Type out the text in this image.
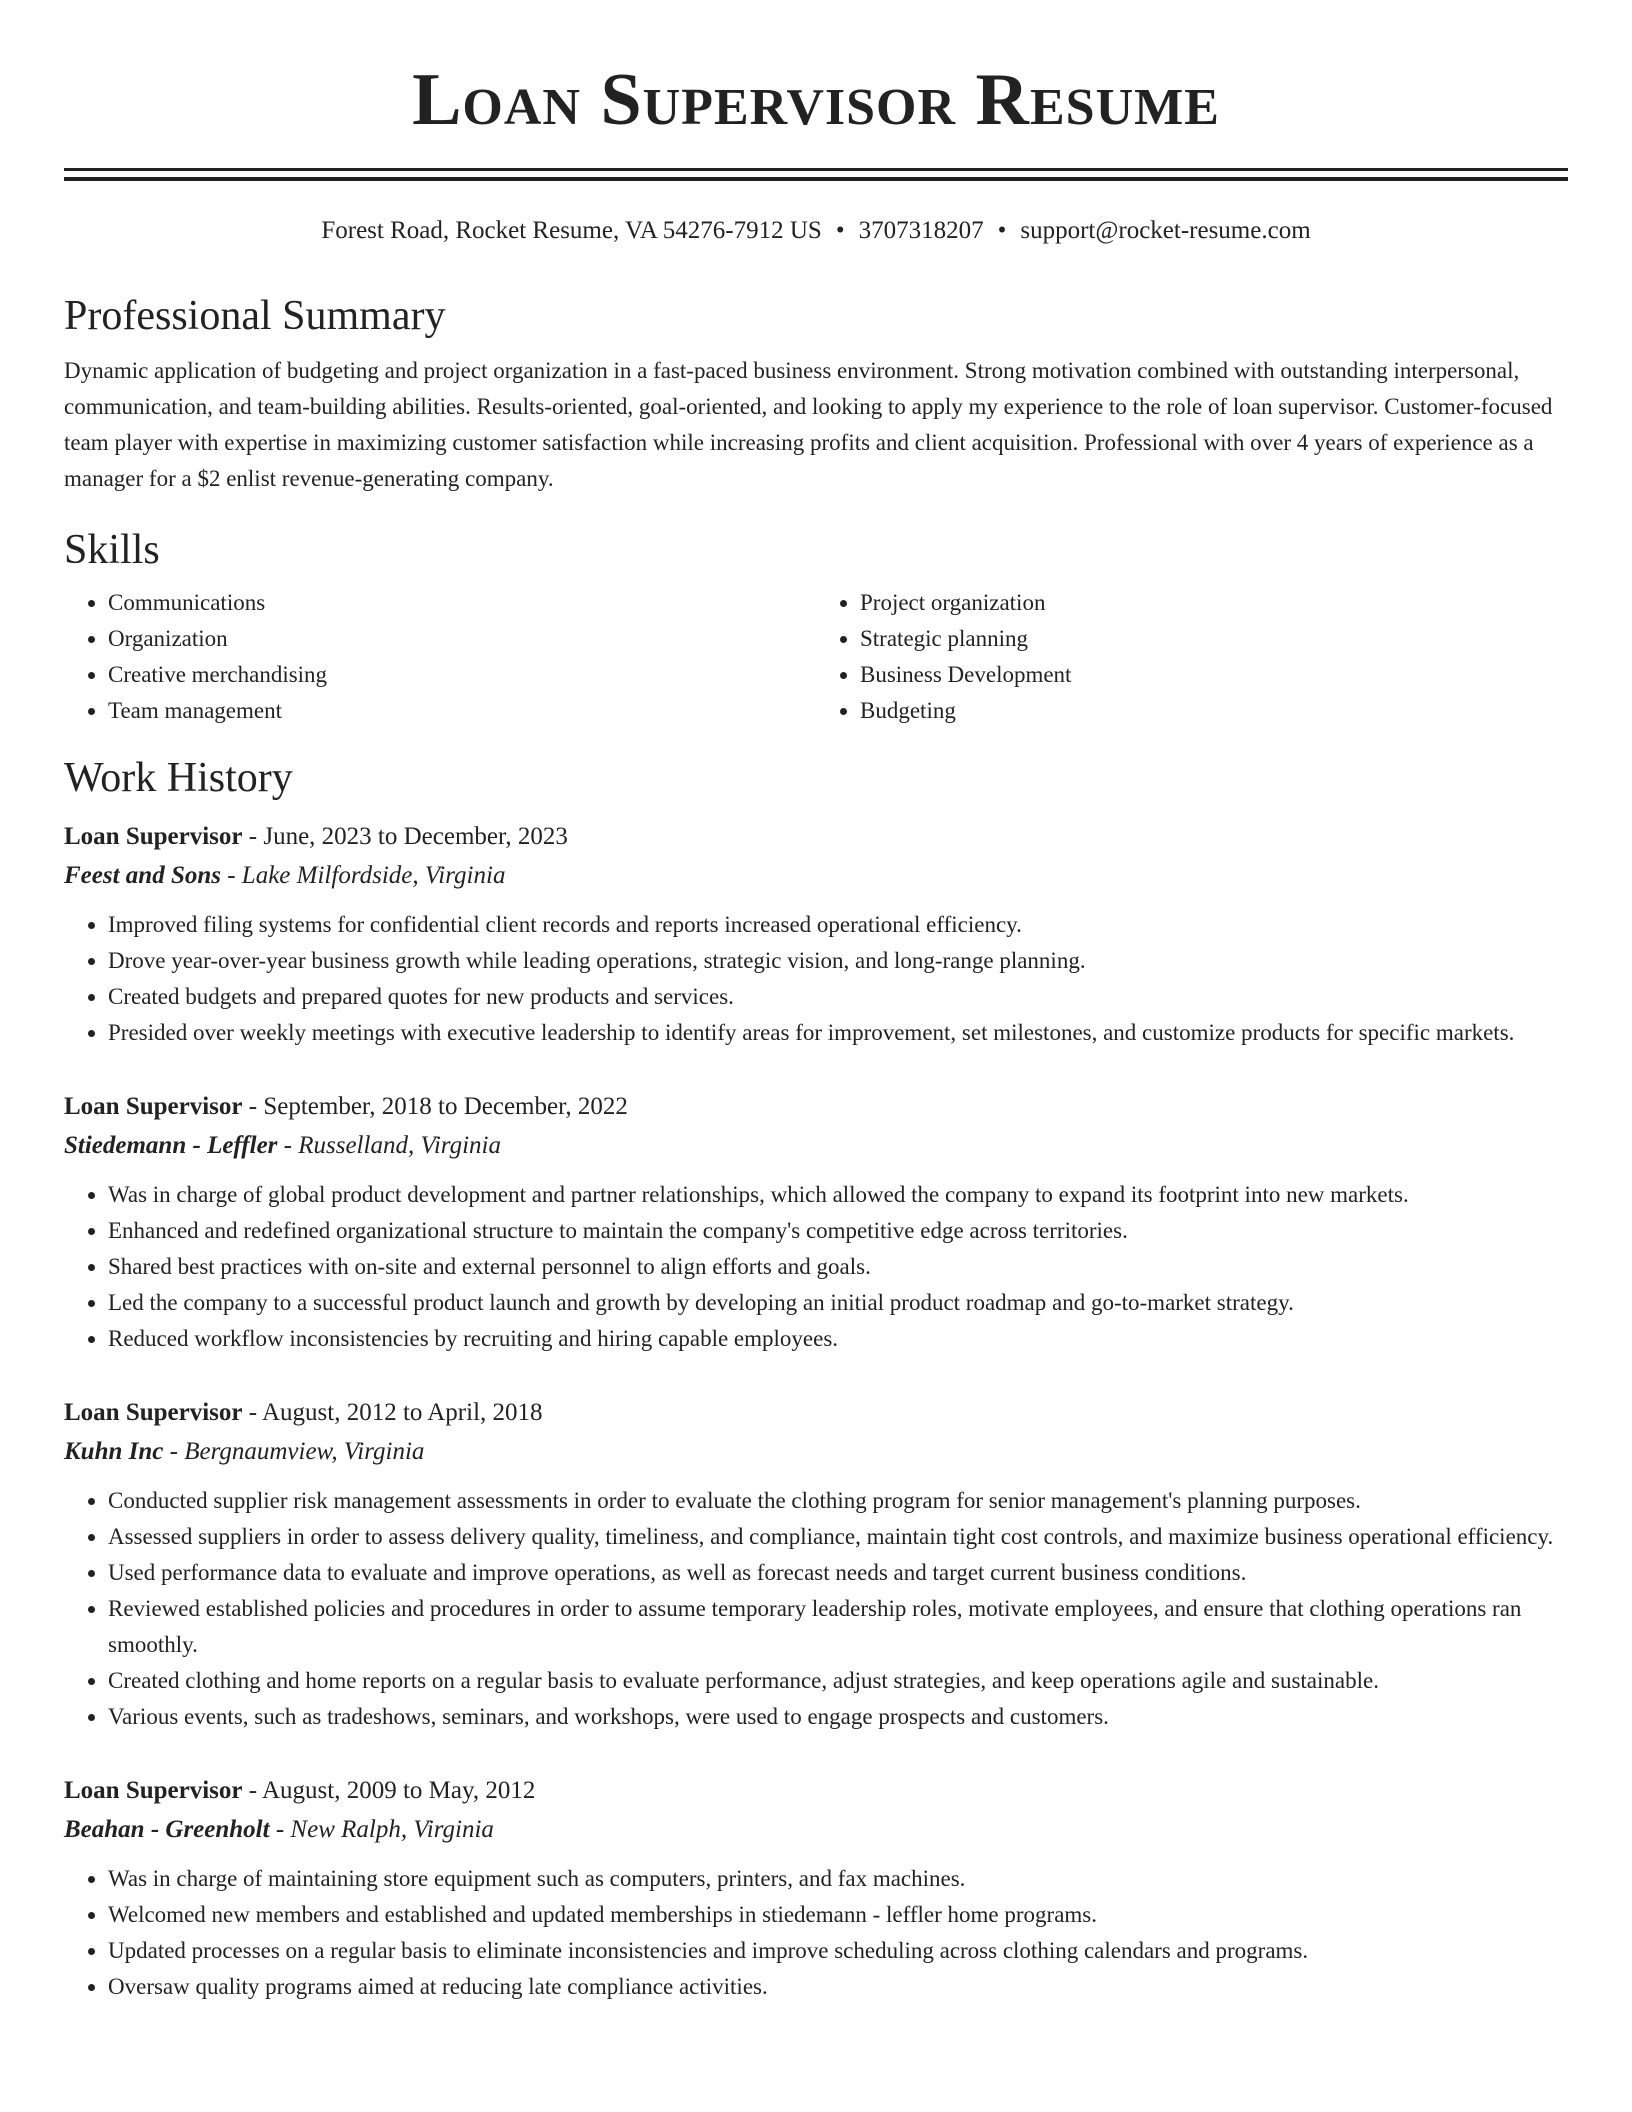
Loan Supervisor Resume
Forest Road, Rocket Resume, VA 54276-7912 US • 3707318207 • support@rocket-resume.com
Professional Summary

Dynamic application of budgeting and project organization in a fast-paced business environment. Strong motivation combined with outstanding interpersonal, communication, and team-building abilities. Results-oriented, goal-oriented, and looking to apply my experience to the role of loan supervisor. Customer-focused team player with expertise in maximizing customer satisfaction while increasing profits and client acquisition. Professional with over 4 years of experience as a manager for a $2 enlist revenue-generating company.

Skills
• Communications
• Organization
• Creative merchandising
• Team management
• Project organization
• Strategic planning
• Business Development
• Budgeting
Work History
Loan Supervisor - June, 2023 to December, 2023
Feest and Sons - Lake Milfordside, Virginia
• Improved filing systems for confidential client records and reports increased operational efficiency.
• Drove year-over-year business growth while leading operations, strategic vision, and long-range planning.
• Created budgets and prepared quotes for new products and services.
• Presided over weekly meetings with executive leadership to identify areas for improvement, set milestones, and customize products for specific markets.
Loan Supervisor - September, 2018 to December, 2022
Stiedemann - Leffler - Russelland, Virginia
• Was in charge of global product development and partner relationships, which allowed the company to expand its footprint into new markets.
• Enhanced and redefined organizational structure to maintain the company's competitive edge across territories.
• Shared best practices with on-site and external personnel to align efforts and goals.
• Led the company to a successful product launch and growth by developing an initial product roadmap and go-to-market strategy.
• Reduced workflow inconsistencies by recruiting and hiring capable employees.
Loan Supervisor - August, 2012 to April, 2018
Kuhn Inc - Bergnaumview, Virginia
• Conducted supplier risk management assessments in order to evaluate the clothing program for senior management's planning purposes.
• Assessed suppliers in order to assess delivery quality, timeliness, and compliance, maintain tight cost controls, and maximize business operational efficiency.
• Used performance data to evaluate and improve operations, as well as forecast needs and target current business conditions.
• Reviewed established policies and procedures in order to assume temporary leadership roles, motivate employees, and ensure that clothing operations ran smoothly.
• Created clothing and home reports on a regular basis to evaluate performance, adjust strategies, and keep operations agile and sustainable.
• Various events, such as tradeshows, seminars, and workshops, were used to engage prospects and customers.
Loan Supervisor - August, 2009 to May, 2012
Beahan - Greenholt - New Ralph, Virginia
• Was in charge of maintaining store equipment such as computers, printers, and fax machines.
• Welcomed new members and established and updated memberships in stiedemann - leffler home programs.
• Updated processes on a regular basis to eliminate inconsistencies and improve scheduling across clothing calendars and programs.
• Oversaw quality programs aimed at reducing late compliance activities.
